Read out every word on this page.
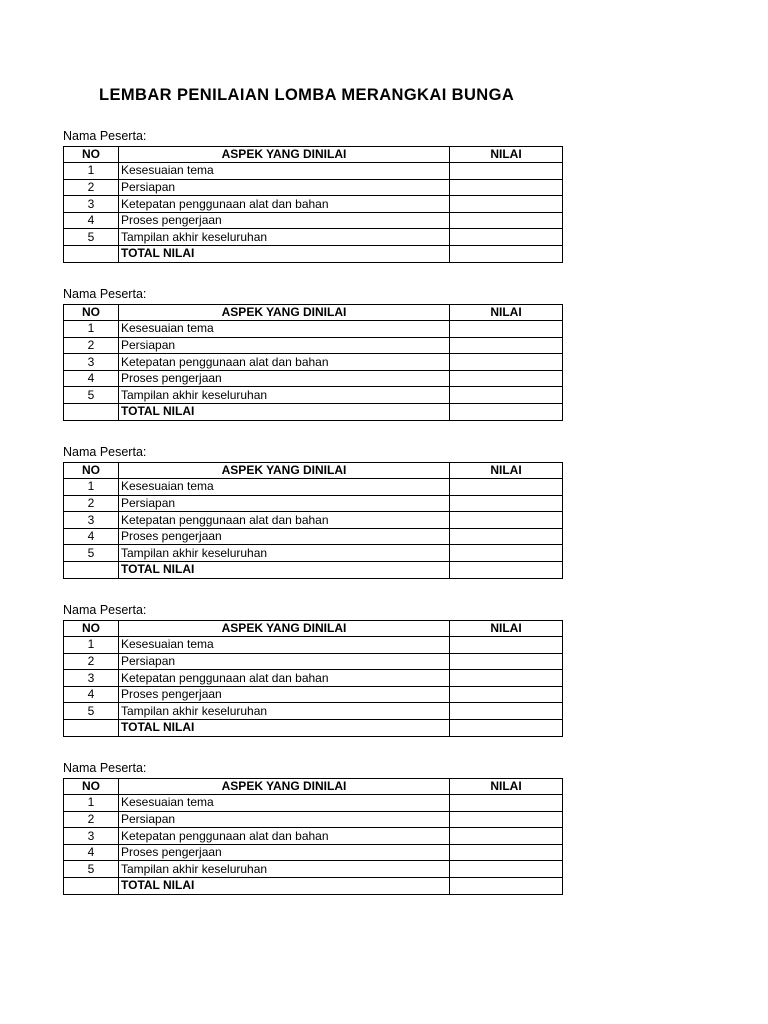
LEMBAR PENILAIAN LOMBA MERANGKAI BUNGA
Nama Peserta:
NO	ASPEK YANG DINILAI	NILAI
1	Kesesuaian tema	
2	Persiapan	
3	Ketepatan penggunaan alat dan bahan	
4	Proses pengerjaan	
5	Tampilan akhir keseluruhan	
	TOTAL NILAI	
Nama Peserta:
NO	ASPEK YANG DINILAI	NILAI
1	Kesesuaian tema	
2	Persiapan	
3	Ketepatan penggunaan alat dan bahan	
4	Proses pengerjaan	
5	Tampilan akhir keseluruhan	
	TOTAL NILAI	
Nama Peserta:
NO	ASPEK YANG DINILAI	NILAI
1	Kesesuaian tema	
2	Persiapan	
3	Ketepatan penggunaan alat dan bahan	
4	Proses pengerjaan	
5	Tampilan akhir keseluruhan	
	TOTAL NILAI	
Nama Peserta:
NO	ASPEK YANG DINILAI	NILAI
1	Kesesuaian tema	
2	Persiapan	
3	Ketepatan penggunaan alat dan bahan	
4	Proses pengerjaan	
5	Tampilan akhir keseluruhan	
	TOTAL NILAI	
Nama Peserta:
NO	ASPEK YANG DINILAI	NILAI
1	Kesesuaian tema	
2	Persiapan	
3	Ketepatan penggunaan alat dan bahan	
4	Proses pengerjaan	
5	Tampilan akhir keseluruhan	
	TOTAL NILAI	
